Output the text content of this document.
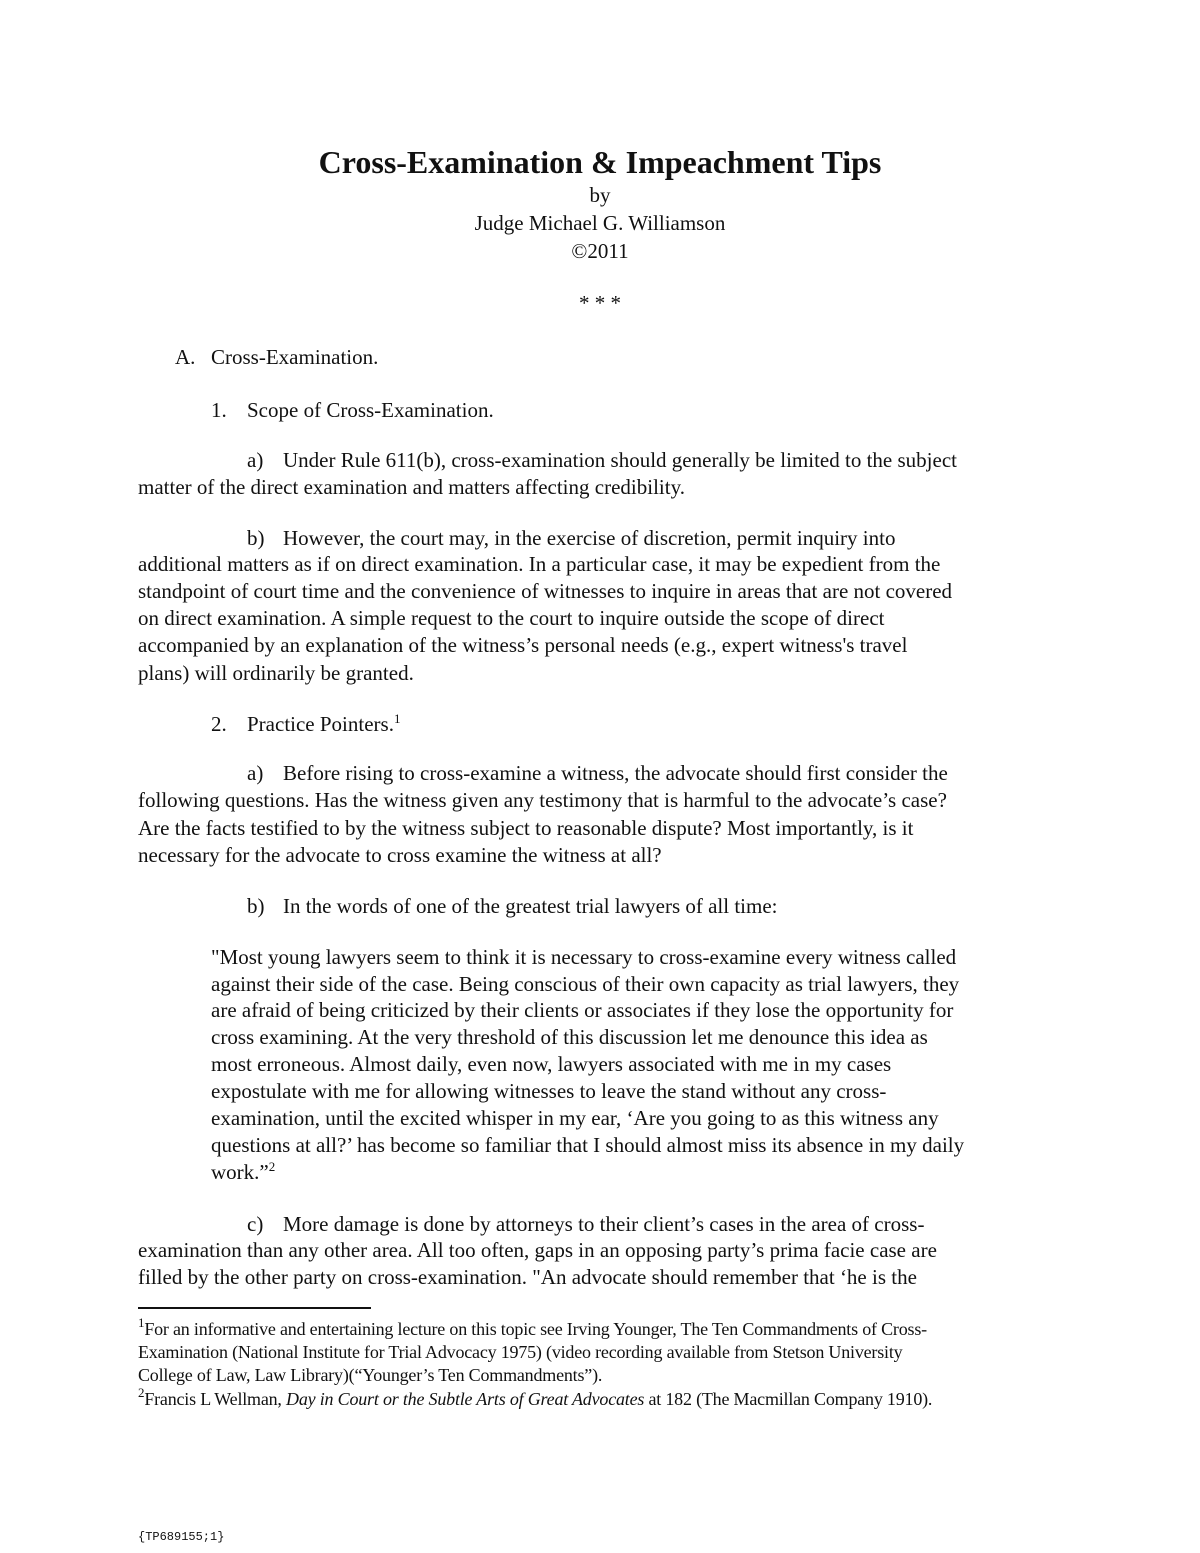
Cross-Examination & Impeachment Tips
by
Judge Michael G. Williamson
©2011
* * *
A. Cross-Examination.
1. Scope of Cross-Examination.
a) Under Rule 611(b), cross-examination should generally be limited to the subject
matter of the direct examination and matters affecting credibility.
b) However, the court may, in the exercise of discretion, permit inquiry into
additional matters as if on direct examination. In a particular case, it may be expedient from the
standpoint of court time and the convenience of witnesses to inquire in areas that are not covered
on direct examination. A simple request to the court to inquire outside the scope of direct
accompanied by an explanation of the witness’s personal needs (e.g., expert witness's travel
plans) will ordinarily be granted.
2. Practice Pointers.$^1$
a) Before rising to cross-examine a witness, the advocate should first consider the
following questions. Has the witness given any testimony that is harmful to the advocate’s case?
Are the facts testified to by the witness subject to reasonable dispute? Most importantly, is it
necessary for the advocate to cross examine the witness at all?
b) In the words of one of the greatest trial lawyers of all time:
"Most young lawyers seem to think it is necessary to cross-examine every witness called
against their side of the case. Being conscious of their own capacity as trial lawyers, they
are afraid of being criticized by their clients or associates if they lose the opportunity for
cross examining. At the very threshold of this discussion let me denounce this idea as
most erroneous. Almost daily, even now, lawyers associated with me in my cases
expostulate with me for allowing witnesses to leave the stand without any cross-
examination, until the excited whisper in my ear, ‘Are you going to as this witness any
questions at all?’ has become so familiar that I should almost miss its absence in my daily
work.”$^2$
c) More damage is done by attorneys to their client’s cases in the area of cross-
examination than any other area. All too often, gaps in an opposing party’s prima facie case are
filled by the other party on cross-examination. "An advocate should remember that ‘he is the
$^1$For an informative and entertaining lecture on this topic see Irving Younger, The Ten Commandments of Cross-
Examination (National Institute for Trial Advocacy 1975) (video recording available from Stetson University
College of Law, Law Library)(“Younger’s Ten Commandments”).
$^2$Francis L Wellman, Day in Court or the Subtle Arts of Great Advocates at 182 (The Macmillan Company 1910).
{TP689155;1}
